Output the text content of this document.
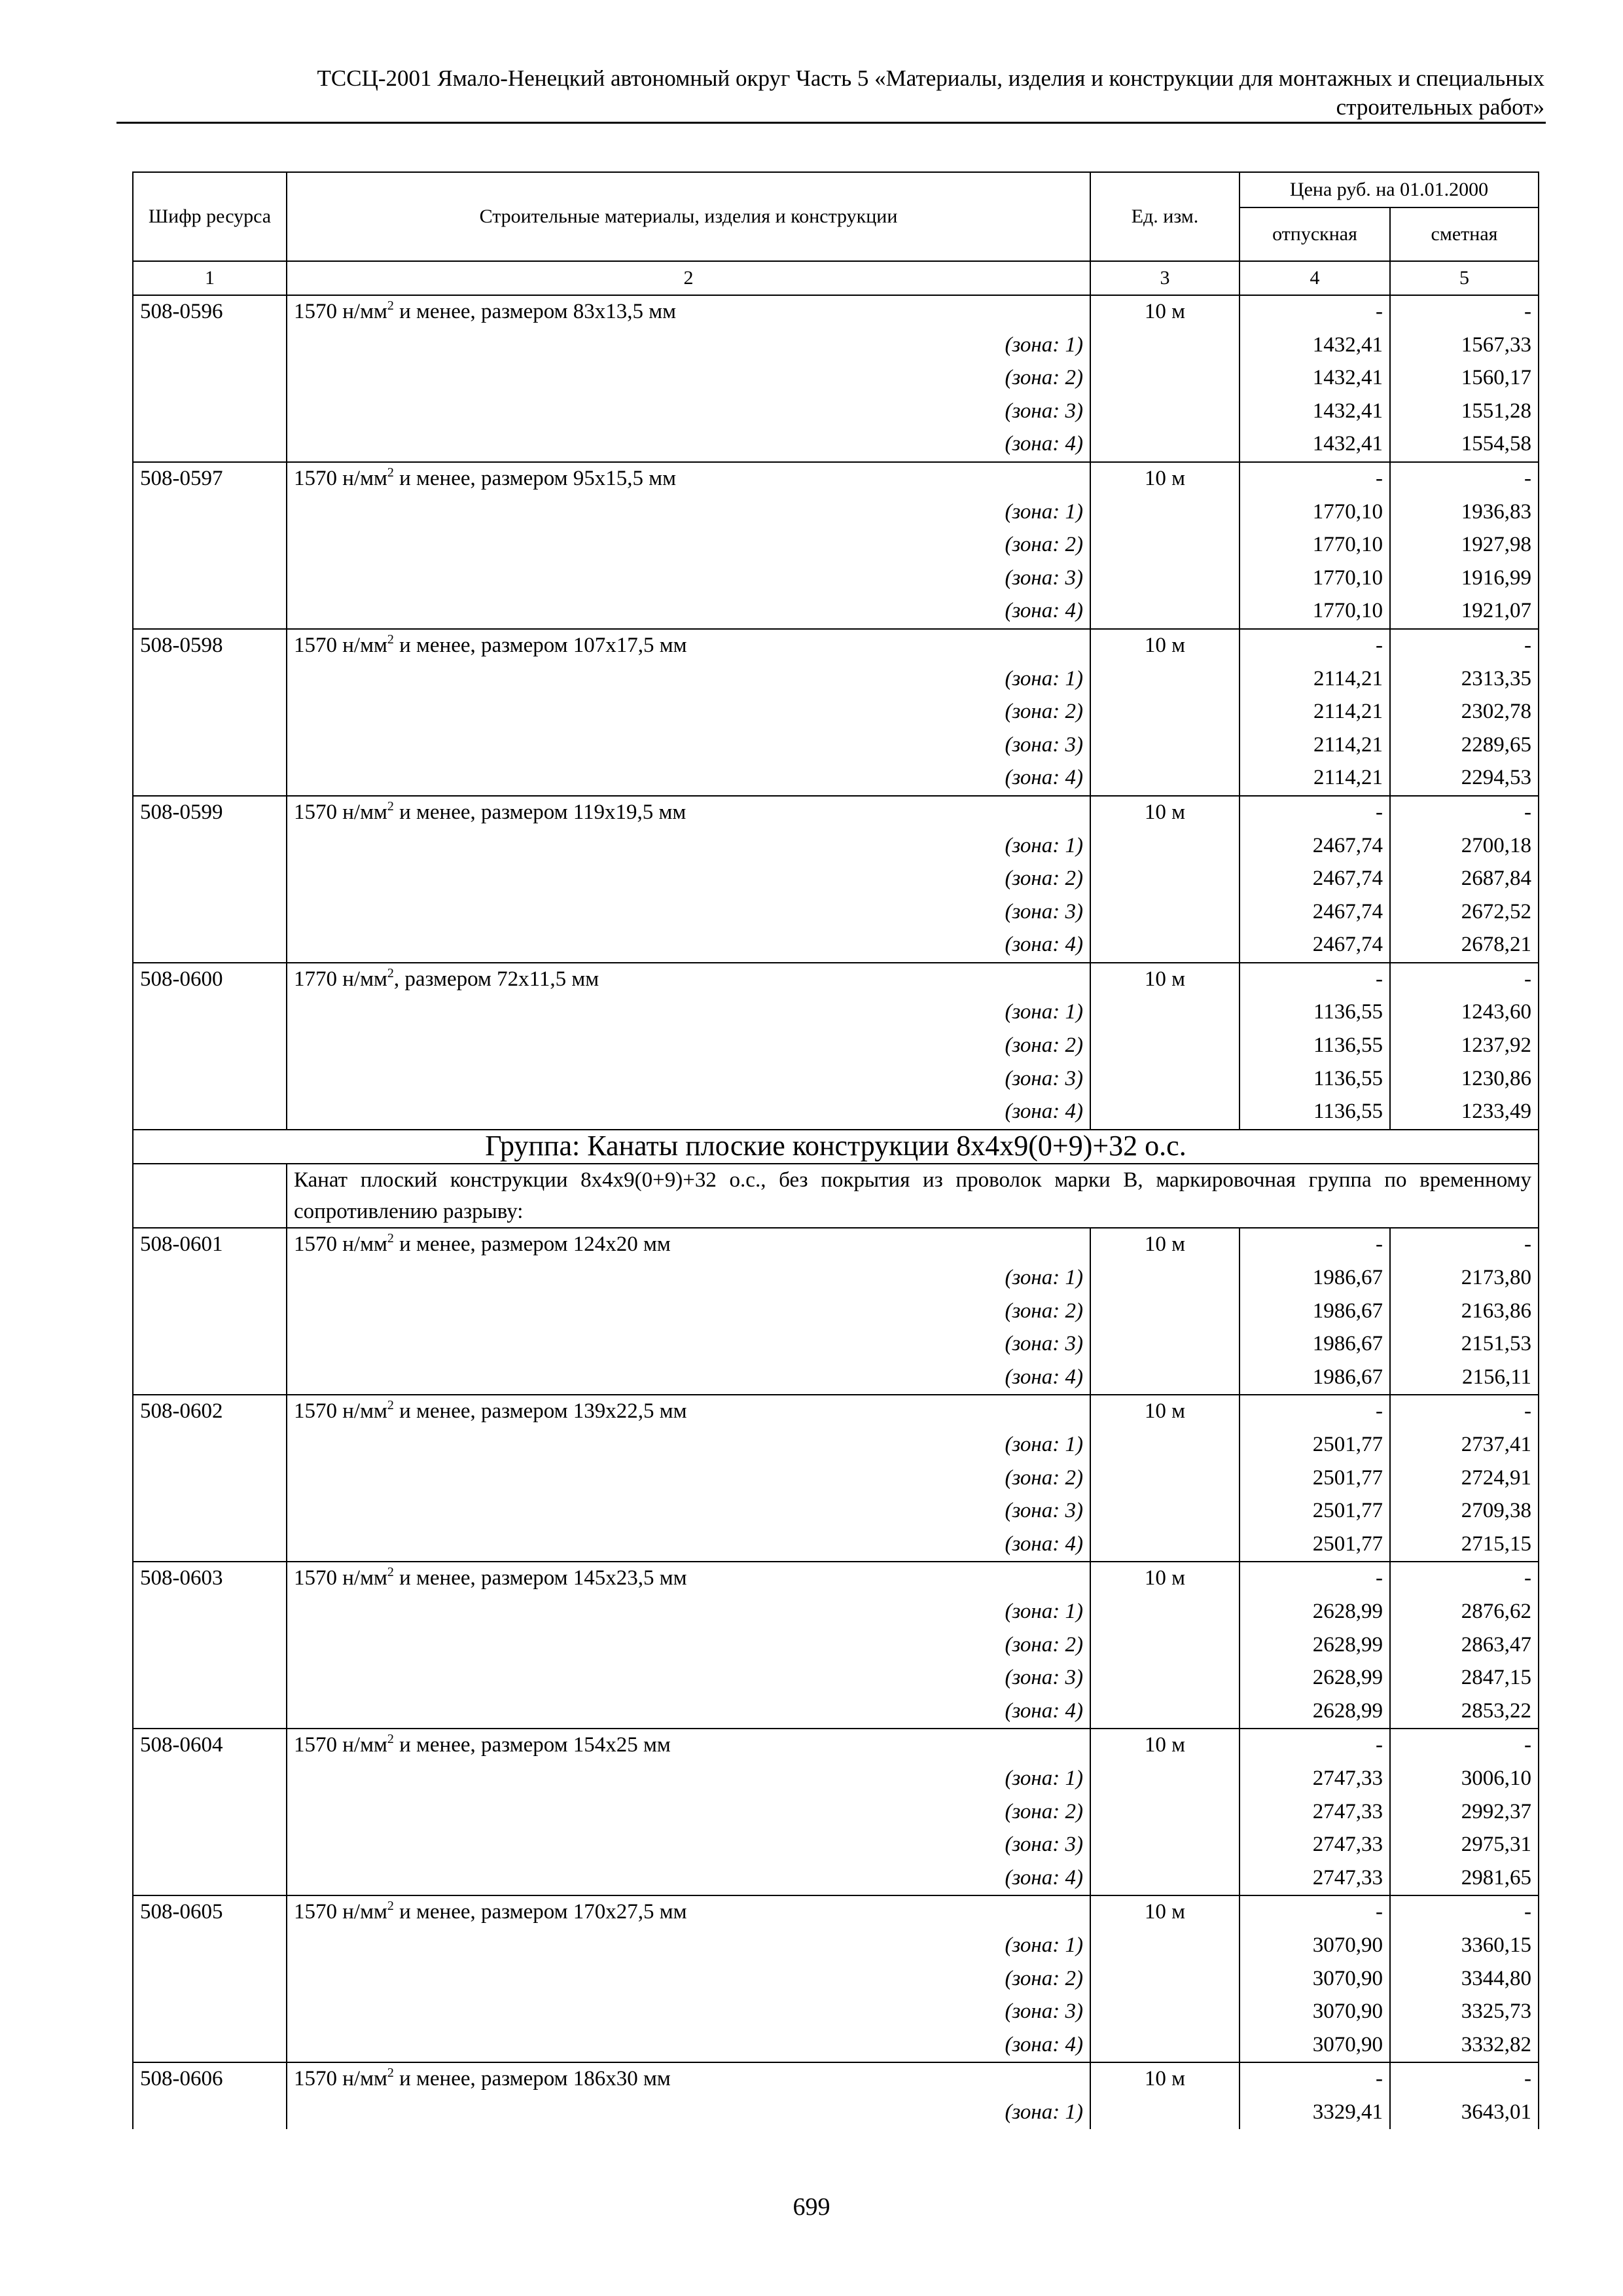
ТССЦ-2001 Ямало-Ненецкий автономный округ Часть 5 «Материалы, изделия и конструкции для монтажных и специальных
строительных работ»
Шифр ресурса	Строительные материалы, изделия и конструкции	Ед. изм.	Цена руб. на 01.01.2000	
			отпускная	сметная
1	2	3	4	5
508-0596	1570 $н/мм^2$ и менее, размером 83х13,5 мм	10 м	-	-
	(зона: 1)		1432,41	1567,33
	(зона: 2)		1432,41	1560,17
	(зона: 3)		1432,41	1551,28
	(зона: 4)		1432,41	1554,58
508-0597	1570 $н/мм^2$ и менее, размером 95х15,5 мм	10 м	-	-
	(зона: 1)		1770,10	1936,83
	(зона: 2)		1770,10	1927,98
	(зона: 3)		1770,10	1916,99
	(зона: 4)		1770,10	1921,07
508-0598	1570 $н/мм^2$ и менее, размером 107х17,5 мм	10 м	-	-
	(зона: 1)		2114,21	2313,35
	(зона: 2)		2114,21	2302,78
	(зона: 3)		2114,21	2289,65
	(зона: 4)		2114,21	2294,53
508-0599	1570 $н/мм^2$ и менее, размером 119х19,5 мм	10 м	-	-
	(зона: 1)		2467,74	2700,18
	(зона: 2)		2467,74	2687,84
	(зона: 3)		2467,74	2672,52
	(зона: 4)		2467,74	2678,21
508-0600	1770 $н/мм^2$, размером 72х11,5 мм	10 м	-	-
	(зона: 1)		1136,55	1243,60
	(зона: 2)		1136,55	1237,92
	(зона: 3)		1136,55	1230,86
	(зона: 4)		1136,55	1233,49
Группа: Канаты плоские конструкции 8х4х9(0+9)+32 о.с.				
	Канат плоский конструкции 8х4х9(0+9)+32 о.с., без покрытия из проволок марки В, маркировочная группа по временному сопротивлению разрыву:			
508-0601	1570 $н/мм^2$ и менее, размером 124х20 мм	10 м	-	-
	(зона: 1)		1986,67	2173,80
	(зона: 2)		1986,67	2163,86
	(зона: 3)		1986,67	2151,53
	(зона: 4)		1986,67	2156,11
508-0602	1570 $н/мм^2$ и менее, размером 139х22,5 мм	10 м	-	-
	(зона: 1)		2501,77	2737,41
	(зона: 2)		2501,77	2724,91
	(зона: 3)		2501,77	2709,38
	(зона: 4)		2501,77	2715,15
508-0603	1570 $н/мм^2$ и менее, размером 145х23,5 мм	10 м	-	-
	(зона: 1)		2628,99	2876,62
	(зона: 2)		2628,99	2863,47
	(зона: 3)		2628,99	2847,15
	(зона: 4)		2628,99	2853,22
508-0604	1570 $н/мм^2$ и менее, размером 154х25 мм	10 м	-	-
	(зона: 1)		2747,33	3006,10
	(зона: 2)		2747,33	2992,37
	(зона: 3)		2747,33	2975,31
	(зона: 4)		2747,33	2981,65
508-0605	1570 $н/мм^2$ и менее, размером 170х27,5 мм	10 м	-	-
	(зона: 1)		3070,90	3360,15
	(зона: 2)		3070,90	3344,80
	(зона: 3)		3070,90	3325,73
	(зона: 4)		3070,90	3332,82
508-0606	1570 $н/мм^2$ и менее, размером 186х30 мм	10 м	-	-
	(зона: 1)		3329,41	3643,01
699
